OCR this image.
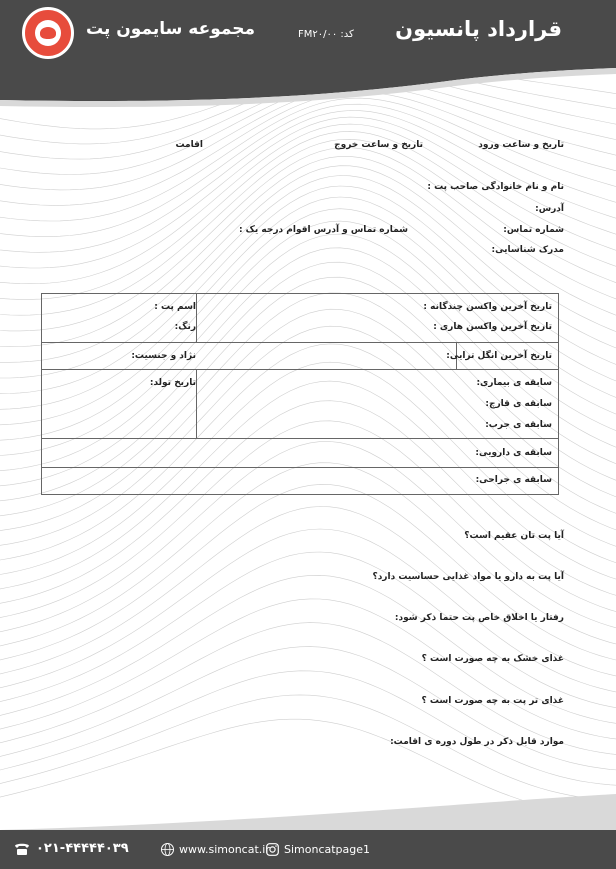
مجموعه سایمون پت	کد: FM۲۰/۰۰ قرارداد پانسیون
تاریخ و ساعت ورود
تاریخ و ساعت خروج
اقامت
نام و نام خانوادگی صاحب پت :
آدرس:
شماره تماس:
شماره تماس و آدرس اقوام درجه یک :
مدرک شناسایی:
تاریخ آخرین واکسن چندگانه :
تاریخ آخرین واکسن هاری :
اسم پت :
رنگ:
تاریخ آخرین انگل ترایی:
نژاد و جنسیت:
سابقه ی بیماری:
سابقه ی قارچ:
سابقه ی جرب:
تاریخ تولد:
سابقه ی دارویی:
سابقه ی جراحی:
آیا پت تان عقیم است؟
آیا پت به دارو یا مواد غذایی حساسیت دارد؟
رفتار یا اخلاق خاص پت حتما ذکر شود:
غذای خشک به چه صورت است ؟
غذای تر پت به چه صورت است ؟
موارد قابل ذکر در طول دوره ی اقامت:
۰۲۱-۴۴۴۴۴۰۳۹	www.simoncat.ir Simoncatpage1
